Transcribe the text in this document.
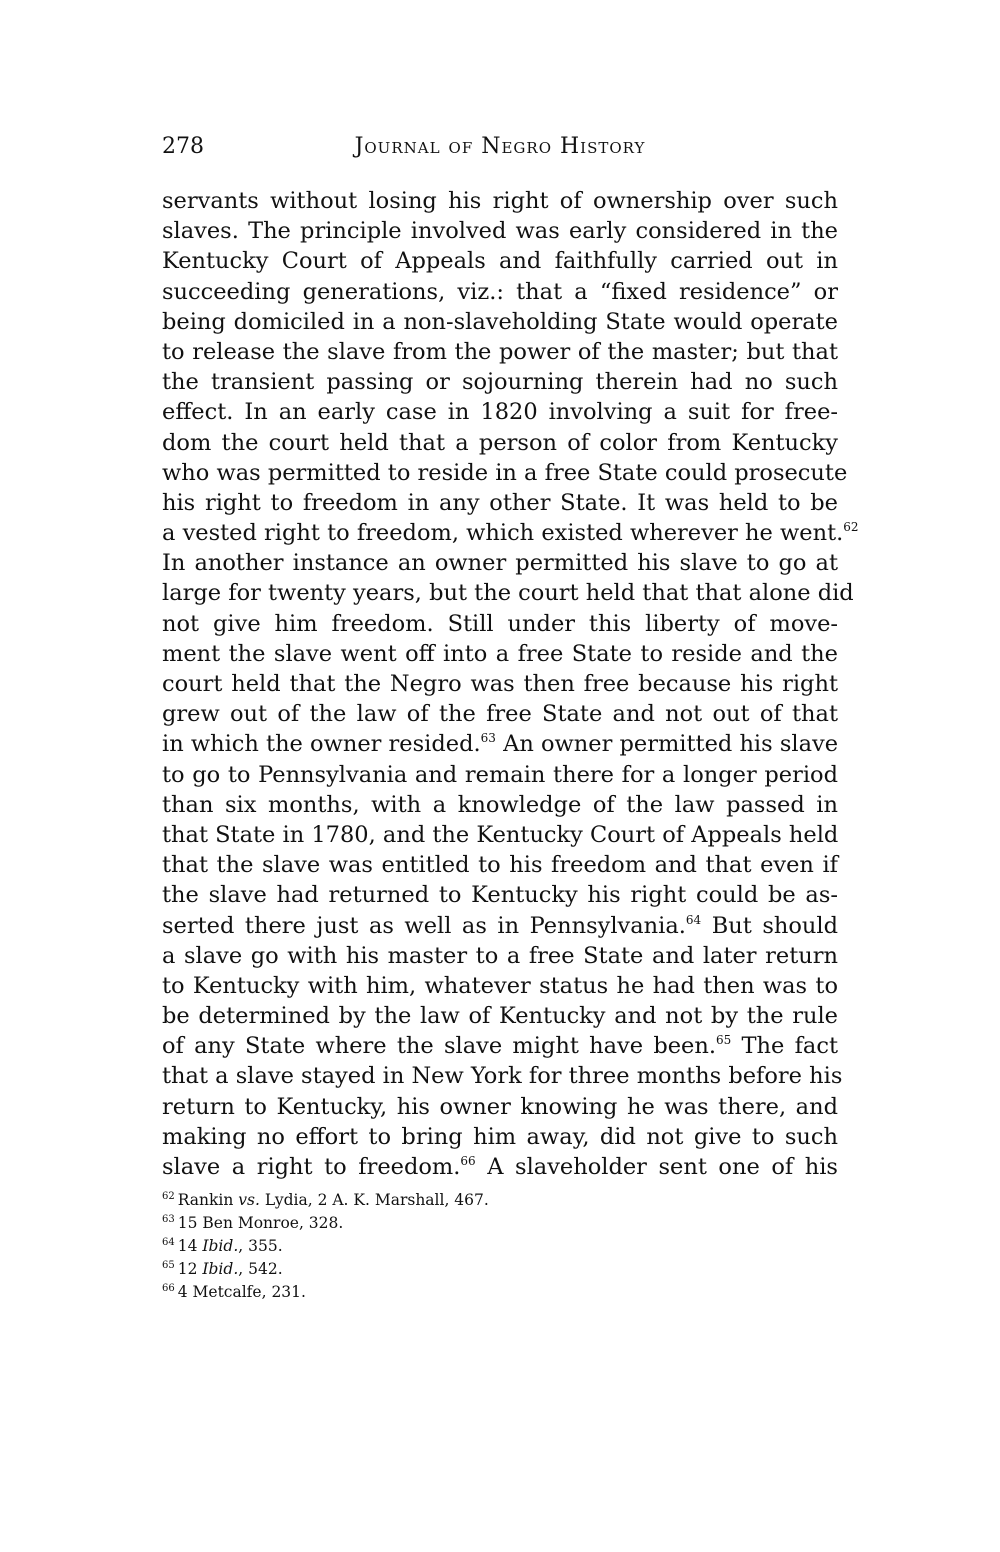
278	Journal of Negro History
servants without losing his right of ownership over such
slaves. The principle involved was early considered in the
Kentucky Court of Appeals and faithfully carried out in
succeeding generations, viz.: that a “fixed residence” or
being domiciled in a non-slaveholding State would operate
to release the slave from the power of the master; but that
the transient passing or sojourning therein had no such
effect. In an early case in 1820 involving a suit for free-
dom the court held that a person of color from Kentucky
who was permitted to reside in a free State could prosecute
his right to freedom in any other State. It was held to be
a vested right to freedom, which existed wherever he went.$^{62}$
In another instance an owner permitted his slave to go at
large for twenty years, but the court held that that alone did
not give him freedom. Still under this liberty of move-
ment the slave went off into a free State to reside and the
court held that the Negro was then free because his right
grew out of the law of the free State and not out of that
in which the owner resided.$^{63}$ An owner permitted his slave
to go to Pennsylvania and remain there for a longer period
than six months, with a knowledge of the law passed in
that State in 1780, and the Kentucky Court of Appeals held
that the slave was entitled to his freedom and that even if
the slave had returned to Kentucky his right could be as-
serted there just as well as in Pennsylvania.$^{64}$ But should
a slave go with his master to a free State and later return
to Kentucky with him, whatever status he had then was to
be determined by the law of Kentucky and not by the rule
of any State where the slave might have been.$^{65}$ The fact
that a slave stayed in New York for three months before his
return to Kentucky, his owner knowing he was there, and
making no effort to bring him away, did not give to such
slave a right to freedom.$^{66}$ A slaveholder sent one of his
$^{62}$ Rankin vs. Lydia, 2 A. K. Marshall, 467.
$^{63}$ 15 Ben Monroe, 328.
$^{64}$ 14 Ibid., 355.
$^{65}$ 12 Ibid., 542.
$^{66}$ 4 Metcalfe, 231.
